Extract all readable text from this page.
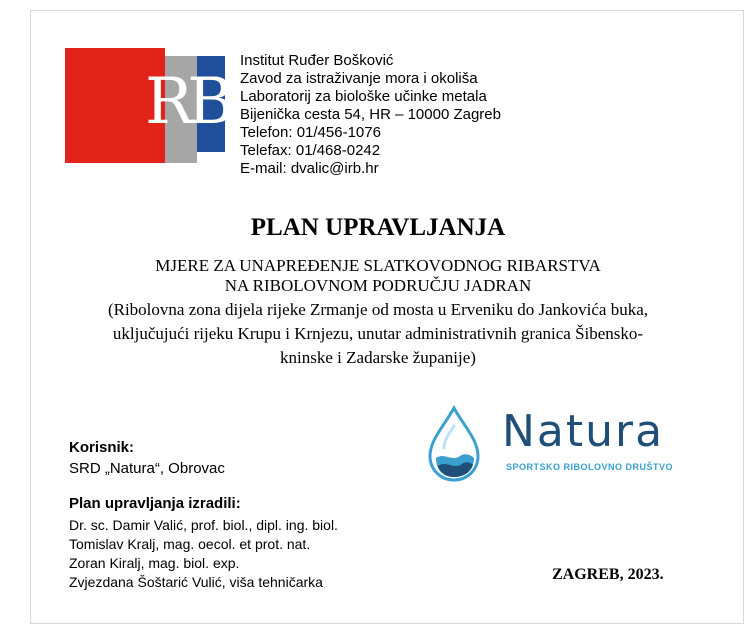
RB
Institut Ruđer Bošković
Zavod za istraživanje mora i okoliša
Laboratorij za biološke učinke metala
Bijenička cesta 54, HR – 10000 Zagreb
Telefon: 01/456-1076
Telefax: 01/468-0242
E-mail: dvalic@irb.hr
PLAN UPRAVLJANJA
MJERE ZA UNAPREĐENJE SLATKOVODNOG RIBARSTVA
NA RIBOLOVNOM PODRUČJU JADRAN
(Ribolovna zona dijela rijeke Zrmanje od mosta u Erveniku do Jankovića buka,
uključujući rijeku Krupu i Krnjezu, unutar administrativnih granica Šibensko-
kninske i Zadarske županije)
Natura
SPORTSKO RIBOLOVNO DRUŠTVO
Korisnik:
SRD „Natura“, Obrovac
Plan upravljanja izradili:
Dr. sc. Damir Valić, prof. biol., dipl. ing. biol.
Tomislav Kralj, mag. oecol. et prot. nat.
Zoran Kiralj, mag. biol. exp.
Zvjezdana Šoštarić Vulić, viša tehničarka	ZAGREB, 2023.
